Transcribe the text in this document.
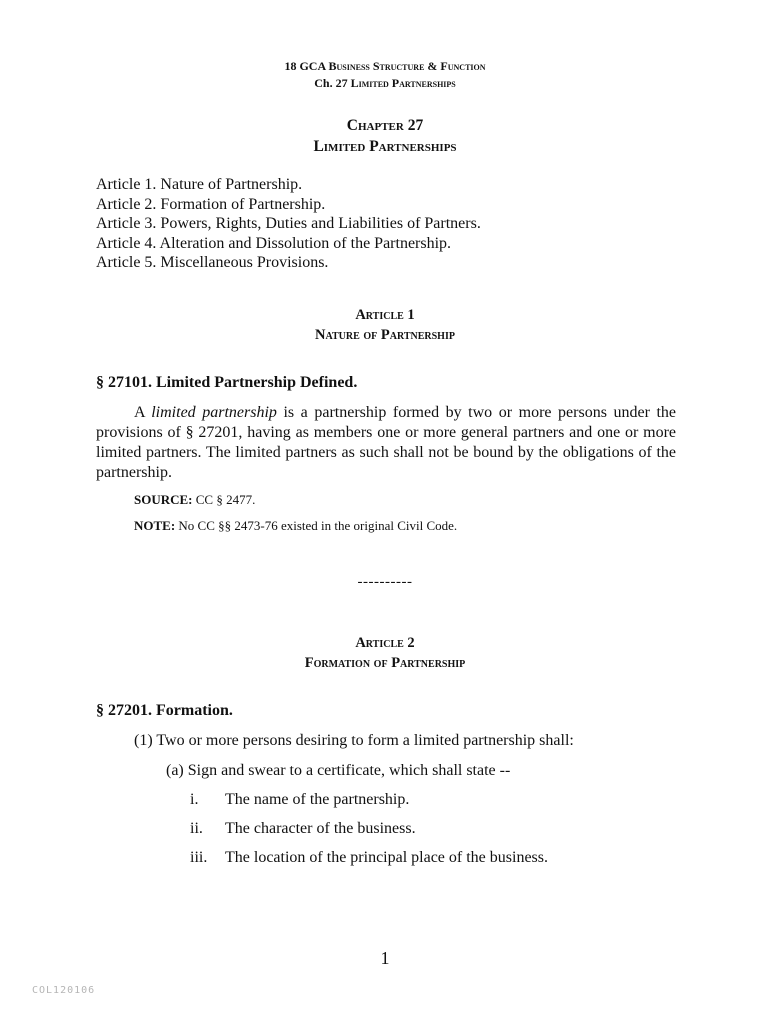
18 GCA Business Structure & Function
Ch. 27 Limited Partnerships
Chapter 27
Limited Partnerships
Article 1. Nature of Partnership.
Article 2. Formation of Partnership.
Article 3. Powers, Rights, Duties and Liabilities of Partners.
Article 4. Alteration and Dissolution of the Partnership.
Article 5. Miscellaneous Provisions.
Article 1
Nature of Partnership
§ 27101. Limited Partnership Defined.
A limited partnership is a partnership formed by two or more persons under the provisions of § 27201, having as members one or more general partners and one or more limited partners. The limited partners as such shall not be bound by the obligations of the partnership.
SOURCE: CC § 2477.
NOTE: No CC §§ 2473-76 existed in the original Civil Code.
----------
Article 2
Formation of Partnership
§ 27201. Formation.
(1) Two or more persons desiring to form a limited partnership shall:
(a) Sign and swear to a certificate, which shall state --
i. The name of the partnership.
ii. The character of the business.
iii. The location of the principal place of the business.
1
COL120106
